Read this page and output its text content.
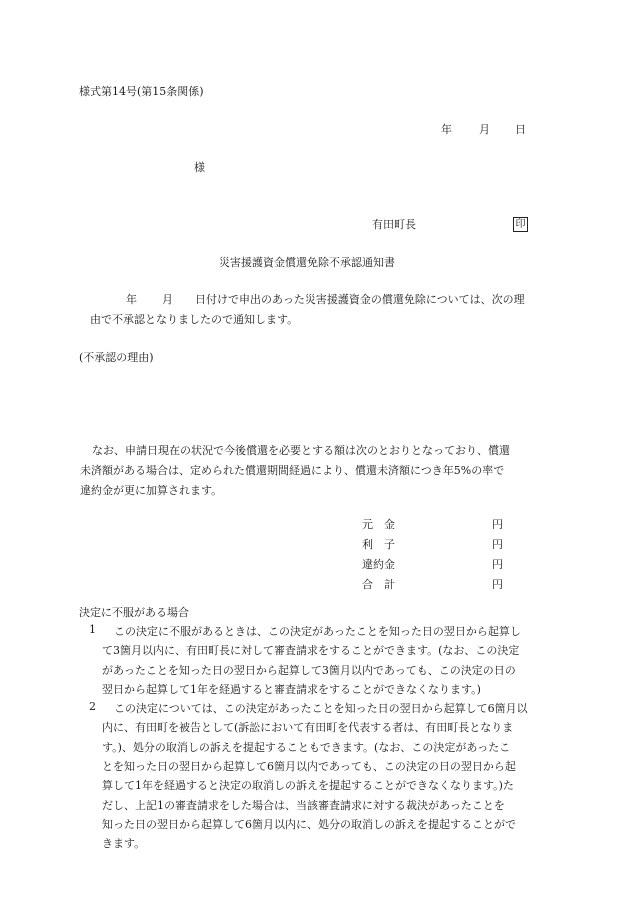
様式第14号(第15条関係)
年 月 日
様
有田町長	印
災害援護資金償還免除不承認通知書
年 月 日付けで申出のあった災害援護資金の償還免除については、次の理
由で不承認となりましたので通知します。
(不承認の理由)
なお、申請日現在の状況で今後償還を必要とする額は次のとおりとなっており、償還
未済額がある場合は、定められた償還期間経過により、償還未済額につき年5%の率で
違約金が更に加算されます。
元　金	円
利　子	円
違約金	円
合　計	円
決定に不服がある場合
1	この決定に不服があるときは、この決定があったことを知った日の翌日から起算し
て3箇月以内に、有田町長に対して審査請求をすることができます。(なお、この決定
があったことを知った日の翌日から起算して3箇月以内であっても、この決定の日の
翌日から起算して1年を経過すると審査請求をすることができなくなります。)
2	この決定については、この決定があったことを知った日の翌日から起算して6箇月以
内に、有田町を被告として(訴訟において有田町を代表する者は、有田町長となりま
す。)、処分の取消しの訴えを提起することもできます。(なお、この決定があったこ
とを知った日の翌日から起算して6箇月以内であっても、この決定の日の翌日から起
算して1年を経過すると決定の取消しの訴えを提起することができなくなります。)た
だし、上記1の審査請求をした場合は、当該審査請求に対する裁決があったことを
知った日の翌日から起算して6箇月以内に、処分の取消しの訴えを提起することがで
きます。
